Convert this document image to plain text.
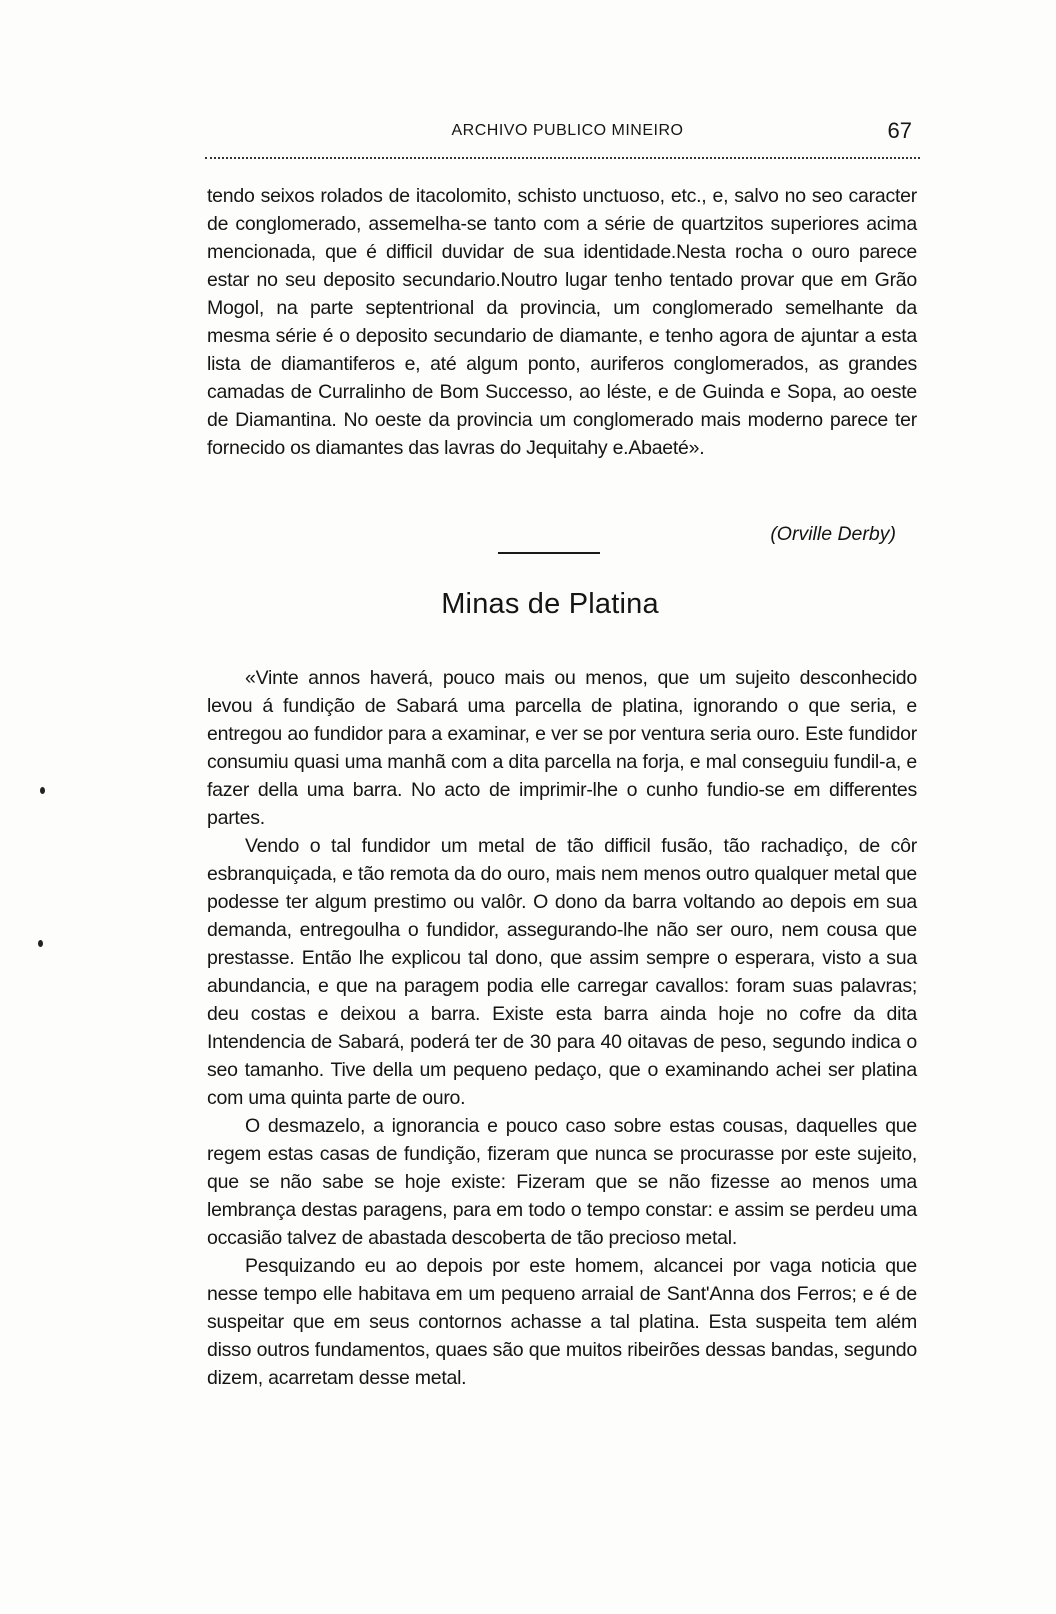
ARCHIVO PUBLICO MINEIRO	67

tendo seixos rolados de itacolomito, schisto unctuoso, etc., e, salvo no seo caracter de conglomerado, assemelha-se tanto com a série de quartzitos superiores acima mencionada, que é difficil duvidar de sua identidade.Nesta rocha o ouro parece estar no seu deposito secundario.Noutro lugar tenho tentado provar que em Grão Mogol, na parte septentrional da provincia, um conglomerado semelhante da mesma série é o deposito secundario de diamante, e tenho agora de ajuntar a esta lista de diamantiferos e, até algum ponto, auriferos conglomerados, as grandes camadas de Curralinho de Bom Successo, ao léste, e de Guinda e Sopa, ao oeste de Diamantina. No oeste da provincia um conglomerado mais moderno parece ter fornecido os diamantes das lavras do Jequitahy e.Abaeté».

(Orville Derby)
Minas de Platina

«Vinte annos haverá, pouco mais ou menos, que um sujeito desconhecido levou á fundição de Sabará uma parcella de platina, ignorando o que seria, e entregou ao fundidor para a examinar, e ver se por ventura seria ouro. Este fundidor consumiu quasi uma manhã com a dita parcella na forja, e mal conseguiu fundil-a, e fazer della uma barra. No acto de imprimir-lhe o cunho fundio-se em differentes partes.

Vendo o tal fundidor um metal de tão difficil fusão, tão rachadiço, de côr esbranquiçada, e tão remota da do ouro, mais nem menos outro qualquer metal que podesse ter algum prestimo ou valôr. O dono da barra voltando ao depois em sua demanda, entregoulha o fundidor, assegurando-lhe não ser ouro, nem cousa que prestasse. Então lhe explicou tal dono, que assim sempre o esperara, visto a sua abundancia, e que na paragem podia elle carregar cavallos: foram suas palavras; deu costas e deixou a barra. Existe esta barra ainda hoje no cofre da dita Intendencia de Sabará, poderá ter de 30 para 40 oitavas de peso, segundo indica o seo tamanho. Tive della um pequeno pedaço, que o examinando achei ser platina com uma quinta parte de ouro.

O desmazelo, a ignorancia e pouco caso sobre estas cousas, daquelles que regem estas casas de fundição, fizeram que nunca se procurasse por este sujeito, que se não sabe se hoje existe: Fizeram que se não fizesse ao menos uma lembrança destas paragens, para em todo o tempo constar: e assim se perdeu uma occasião talvez de abastada descoberta de tão precioso metal.

Pesquizando eu ao depois por este homem, alcancei por vaga noticia que nesse tempo elle habitava em um pequeno arraial de Sant'Anna dos Ferros; e é de suspeitar que em seus contornos achasse a tal platina. Esta suspeita tem além disso outros fundamentos, quaes são que muitos ribeirões dessas bandas, segundo dizem, acarretam desse metal.
